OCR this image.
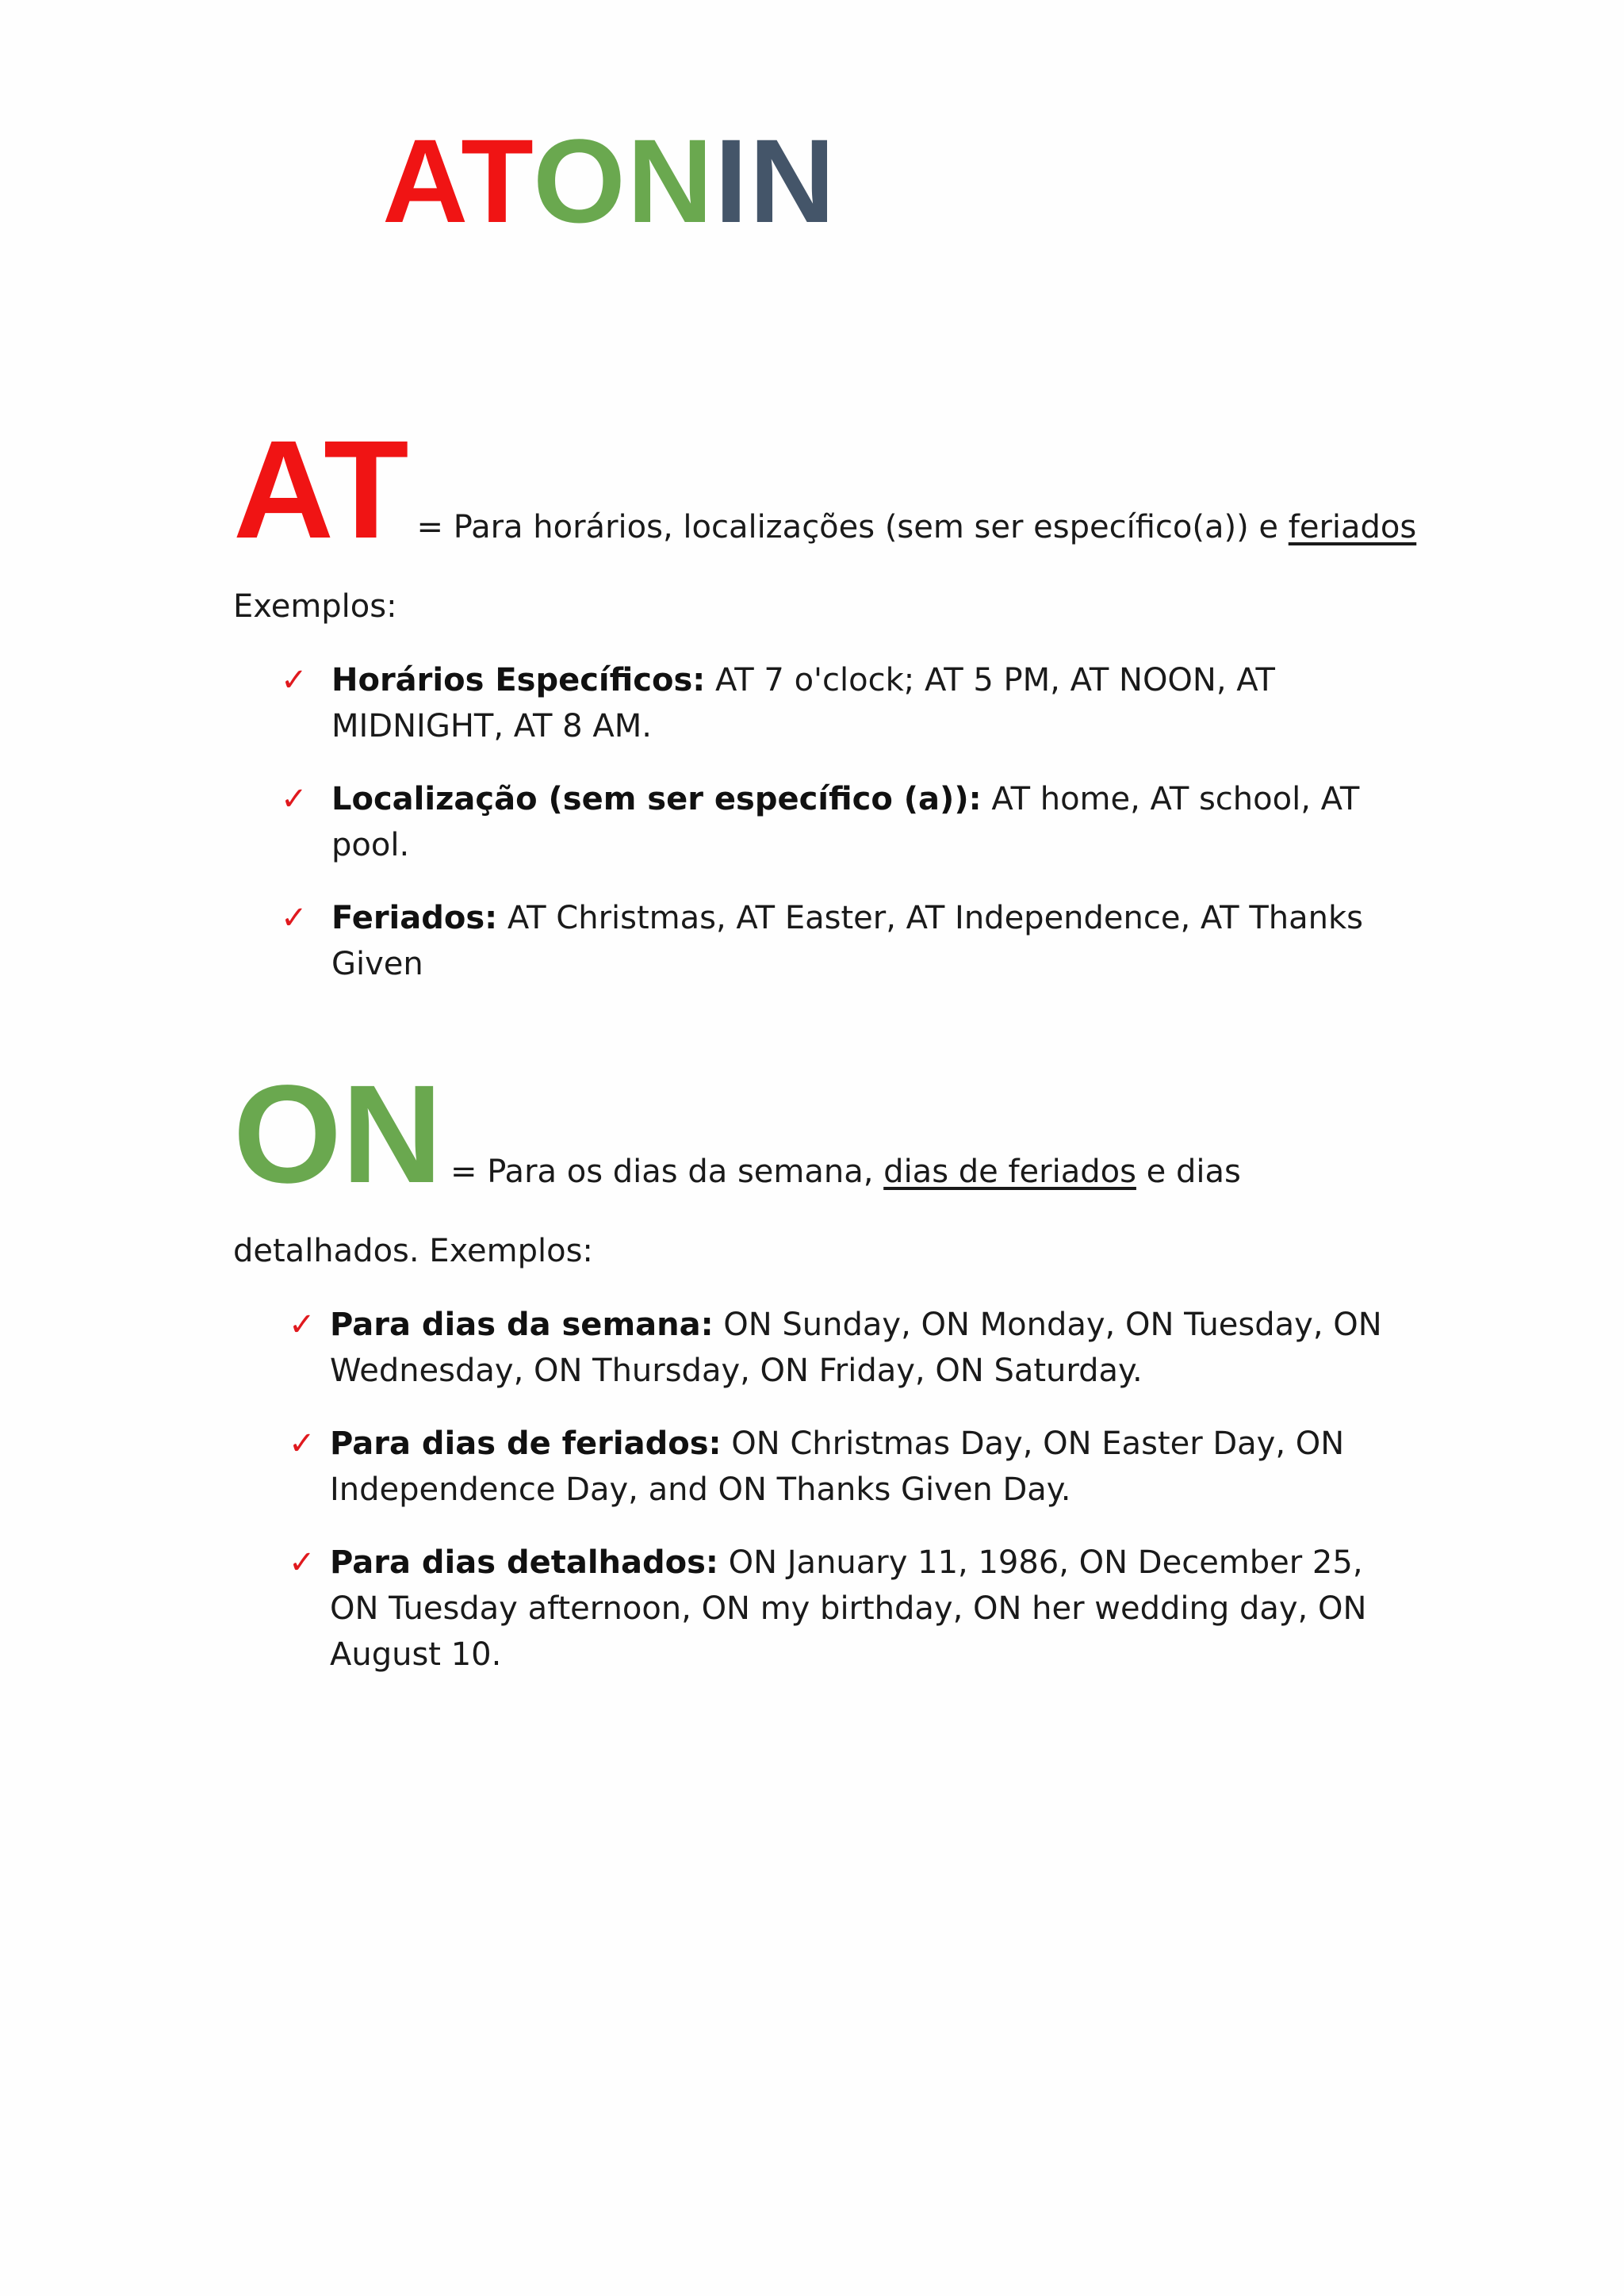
ATONIN
AT = Para horários, localizações (sem ser específico(a)) e feriados
Exemplos:
✓ Horários Específicos: AT 7 o'clock; AT 5 PM, AT NOON, AT MIDNIGHT, AT 8 AM.
✓ Localização (sem ser específico (a)): AT home, AT school, AT pool.
✓ Feriados: AT Christmas, AT Easter, AT Independence, AT Thanks Given
ON = Para os dias da semana, dias de feriados e dias
detalhados. Exemplos:
✓ Para dias da semana: ON Sunday, ON Monday, ON Tuesday, ON Wednesday, ON Thursday, ON Friday, ON Saturday.
✓ Para dias de feriados: ON Christmas Day, ON Easter Day, ON Independence Day, and ON Thanks Given Day.
✓ Para dias detalhados: ON January 11, 1986, ON December 25, ON Tuesday afternoon, ON my birthday, ON her wedding day, ON August 10.
